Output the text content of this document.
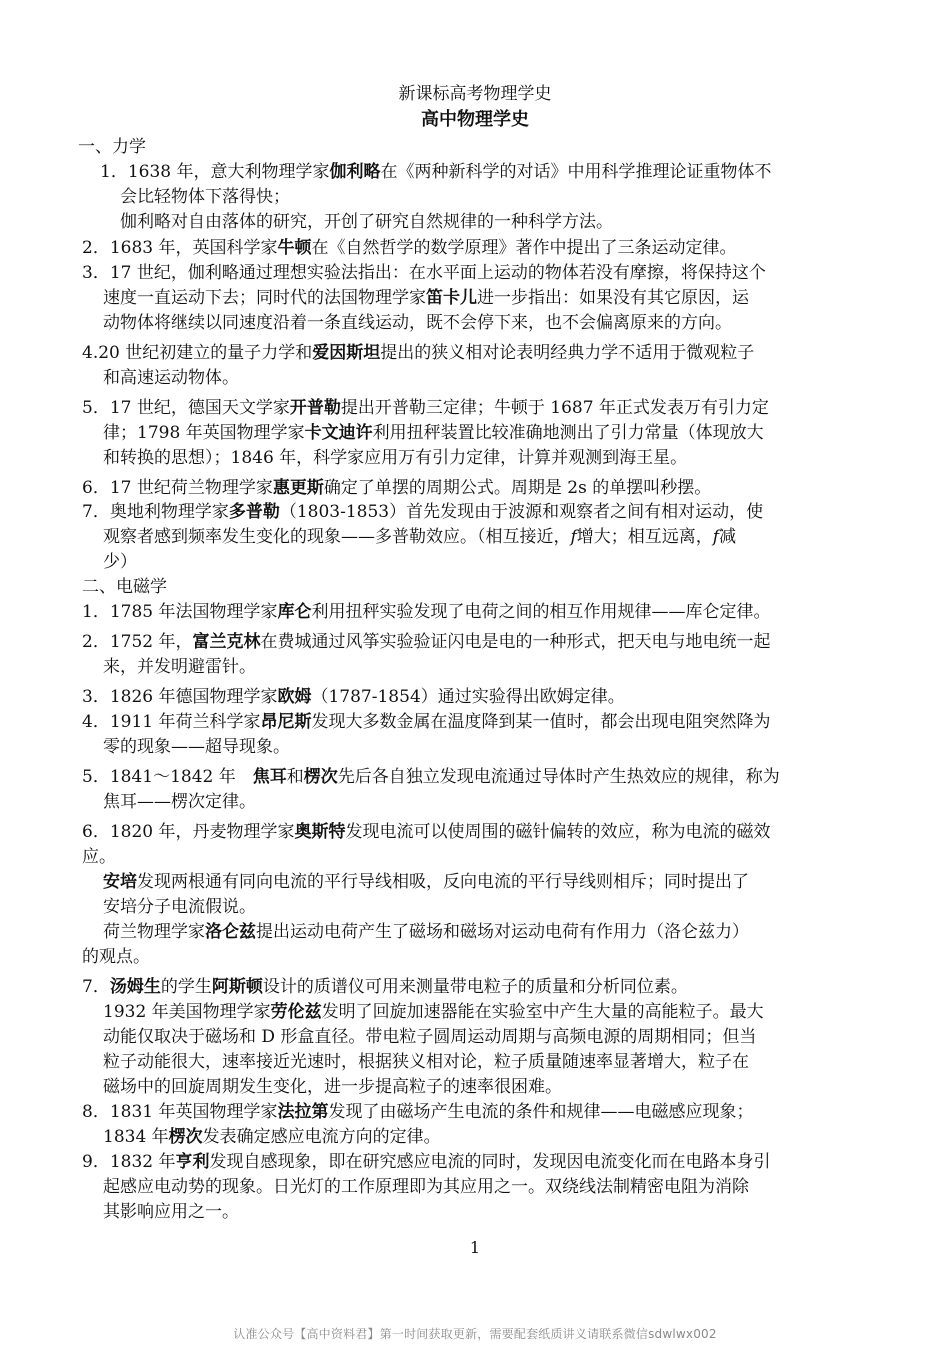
新课标高考物理学史
高中物理学史
一、力学
1．1638 年，意大利物理学家伽利略在《两种新科学的对话》中用科学推理论证重物体不
会比轻物体下落得快；
伽利略对自由落体的研究，开创了研究自然规律的一种科学方法。
2．1683 年，英国科学家牛顿在《自然哲学的数学原理》著作中提出了三条运动定律。
3．17 世纪，伽利略通过理想实验法指出：在水平面上运动的物体若没有摩擦，将保持这个
速度一直运动下去；同时代的法国物理学家笛卡儿进一步指出：如果没有其它原因，运
动物体将继续以同速度沿着一条直线运动，既不会停下来，也不会偏离原来的方向。
4.20 世纪初建立的量子力学和爱因斯坦提出的狭义相对论表明经典力学不适用于微观粒子
和高速运动物体。
5．17 世纪，德国天文学家开普勒提出开普勒三定律；牛顿于 1687 年正式发表万有引力定
律；1798 年英国物理学家卡文迪许利用扭秤装置比较准确地测出了引力常量（体现放大
和转换的思想）；1846 年，科学家应用万有引力定律，计算并观测到海王星。
6．17 世纪荷兰物理学家惠更斯确定了单摆的周期公式。周期是 2s 的单摆叫秒摆。
7．奥地利物理学家多普勒（1803-1853）首先发现由于波源和观察者之间有相对运动，使
观察者感到频率发生变化的现象——多普勒效应。（相互接近，f增大；相互远离，f减
少）
二、电磁学
1．1785 年法国物理学家库仑利用扭秤实验发现了电荷之间的相互作用规律——库仑定律。
2．1752 年，富兰克林在费城通过风筝实验验证闪电是电的一种形式，把天电与地电统一起
来，并发明避雷针。
3．1826 年德国物理学家欧姆（1787-1854）通过实验得出欧姆定律。
4．1911 年荷兰科学家昂尼斯发现大多数金属在温度降到某一值时，都会出现电阻突然降为
零的现象——超导现象。
5．1841～1842 年　焦耳和楞次先后各自独立发现电流通过导体时产生热效应的规律，称为
焦耳——楞次定律。
6．1820 年，丹麦物理学家奥斯特发现电流可以使周围的磁针偏转的效应，称为电流的磁效
应。
安培发现两根通有同向电流的平行导线相吸，反向电流的平行导线则相斥；同时提出了
安培分子电流假说。
荷兰物理学家洛仑兹提出运动电荷产生了磁场和磁场对运动电荷有作用力（洛仑兹力）
的观点。
7．汤姆生的学生阿斯顿设计的质谱仪可用来测量带电粒子的质量和分析同位素。
1932 年美国物理学家劳伦兹发明了回旋加速器能在实验室中产生大量的高能粒子。最大
动能仅取决于磁场和 D 形盒直径。带电粒子圆周运动周期与高频电源的周期相同；但当
粒子动能很大，速率接近光速时，根据狭义相对论，粒子质量随速率显著增大，粒子在
磁场中的回旋周期发生变化，进一步提高粒子的速率很困难。
8．1831 年英国物理学家法拉第发现了由磁场产生电流的条件和规律——电磁感应现象；
1834 年楞次发表确定感应电流方向的定律。
9．1832 年亨利发现自感现象，即在研究感应电流的同时，发现因电流变化而在电路本身引
起感应电动势的现象。日光灯的工作原理即为其应用之一。双绕线法制精密电阻为消除
其影响应用之一。
1
认准公众号【高中资料君】第一时间获取更新，需要配套纸质讲义请联系微信sdwlwx002
